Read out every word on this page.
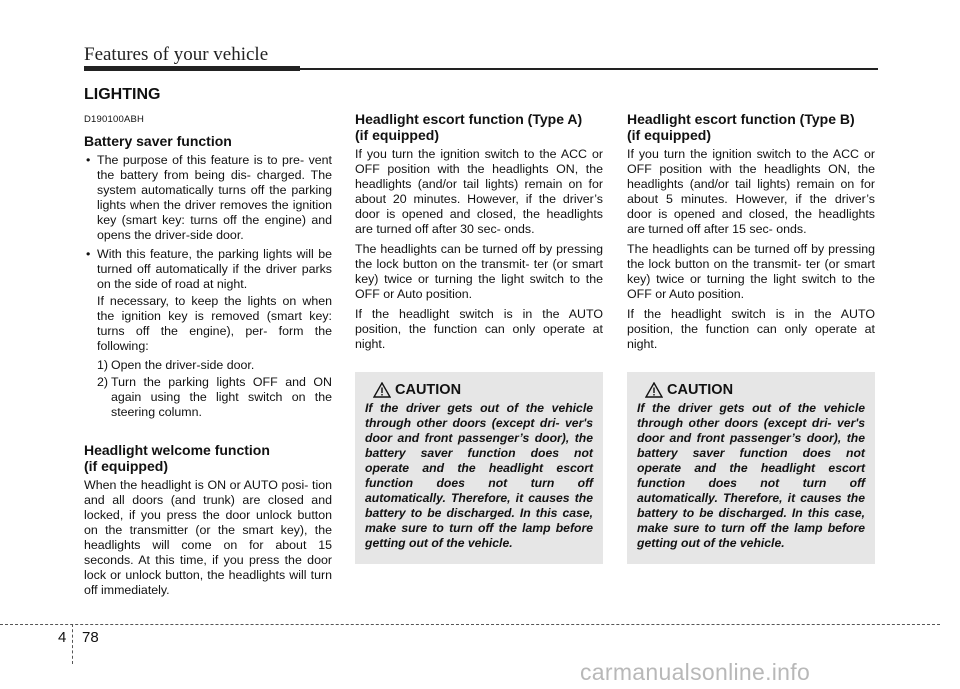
Features of your vehicle
LIGHTING
D190100ABH
Battery saver function
• The purpose of this feature is to pre- vent the battery from being dis- charged. The system automatically turns off the parking lights when the driver removes the ignition key (smart key: turns off the engine) and opens the driver-side door.
• With this feature, the parking lights will be turned off automatically if the driver parks on the side of road at night.

If necessary, to keep the lights on when the ignition key is removed (smart key: turns off the engine), per- form the following:

1) Open the driver-side door.
2) Turn the parking lights OFF and ON again using the light switch on the steering column.
Headlight welcome function
(if equipped)

When the headlight is ON or AUTO posi- tion and all doors (and trunk) are closed and locked, if you press the door unlock button on the transmitter (or the smart key), the headlights will come on for about 15 seconds. At this time, if you press the door lock or unlock button, the headlights will turn off immediately.

Headlight escort function (Type A)
(if equipped)

If you turn the ignition switch to the ACC or OFF position with the headlights ON, the headlights (and/or tail lights) remain on for about 20 minutes. However, if the driver’s door is opened and closed, the headlights are turned off after 30 sec- onds.

The headlights can be turned off by pressing the lock button on the transmit- ter (or smart key) twice or turning the light switch to the OFF or Auto position.

If the headlight switch is in the AUTO position, the function can only operate at night.

Headlight escort function (Type B)
(if equipped)

If you turn the ignition switch to the ACC or OFF position with the headlights ON, the headlights (and/or tail lights) remain on for about 5 minutes. However, if the driver’s door is opened and closed, the headlights are turned off after 15 sec- onds.

The headlights can be turned off by pressing the lock button on the transmit- ter (or smart key) twice or turning the light switch to the OFF or Auto position.

If the headlight switch is in the AUTO position, the function can only operate at night.

CAUTION

If the driver gets out of the vehicle through other doors (except dri- ver's door and front passenger’s door), the battery saver function does not operate and the headlight escort function does not turn off automatically. Therefore, it causes the battery to be discharged. In this case, make sure to turn off the lamp before getting out of the vehicle.

CAUTION

If the driver gets out of the vehicle through other doors (except dri- ver's door and front passenger’s door), the battery saver function does not operate and the headlight escort function does not turn off automatically. Therefore, it causes the battery to be discharged. In this case, make sure to turn off the lamp before getting out of the vehicle.

4 78
carmanualsonline.info
